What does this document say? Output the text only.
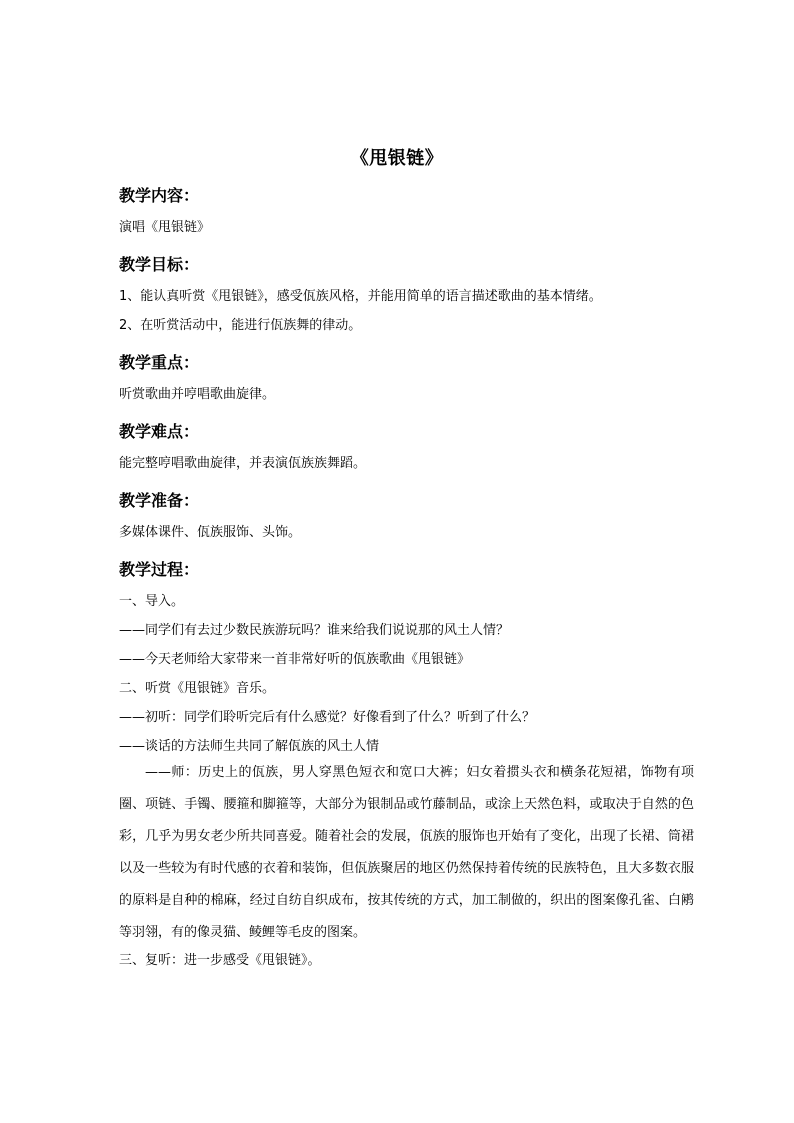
《甩银链》

教学内容：

演唱《甩银链》

教学目标：

1、能认真听赏《甩银链》，感受佤族风格，并能用简单的语言描述歌曲的基本情绪。

2、在听赏活动中，能进行佤族舞的律动。

教学重点：

听赏歌曲并哼唱歌曲旋律。

教学难点：

能完整哼唱歌曲旋律，并表演佤族族舞蹈。

教学准备：

多媒体课件、佤族服饰、头饰。

教学过程：

一、导入。

——同学们有去过少数民族游玩吗？谁来给我们说说那的风土人情？

——今天老师给大家带来一首非常好听的佤族歌曲《甩银链》

二、听赏《甩银链》音乐。

——初听：同学们聆听完后有什么感觉？好像看到了什么？听到了什么？

——谈话的方法师生共同了解佤族的风土人情

——师：历史上的佤族，男人穿黑色短衣和宽口大裤；妇女着掼头衣和横条花短裙，饰物有项圈、项链、手镯、腰箍和脚箍等，大部分为银制品或竹藤制品，或涂上天然色料，或取决于自然的色彩，几乎为男女老少所共同喜爱。随着社会的发展，佤族的服饰也开始有了变化，出现了长裙、筒裙以及一些较为有时代感的衣着和装饰，但佤族聚居的地区仍然保持着传统的民族特色，且大多数衣服的原料是自种的棉麻，经过自纺自织成布，按其传统的方式，加工制做的，织出的图案像孔雀、白鹇等羽翎，有的像灵猫、鲮鲤等毛皮的图案。

三、复听：进一步感受《甩银链》。
